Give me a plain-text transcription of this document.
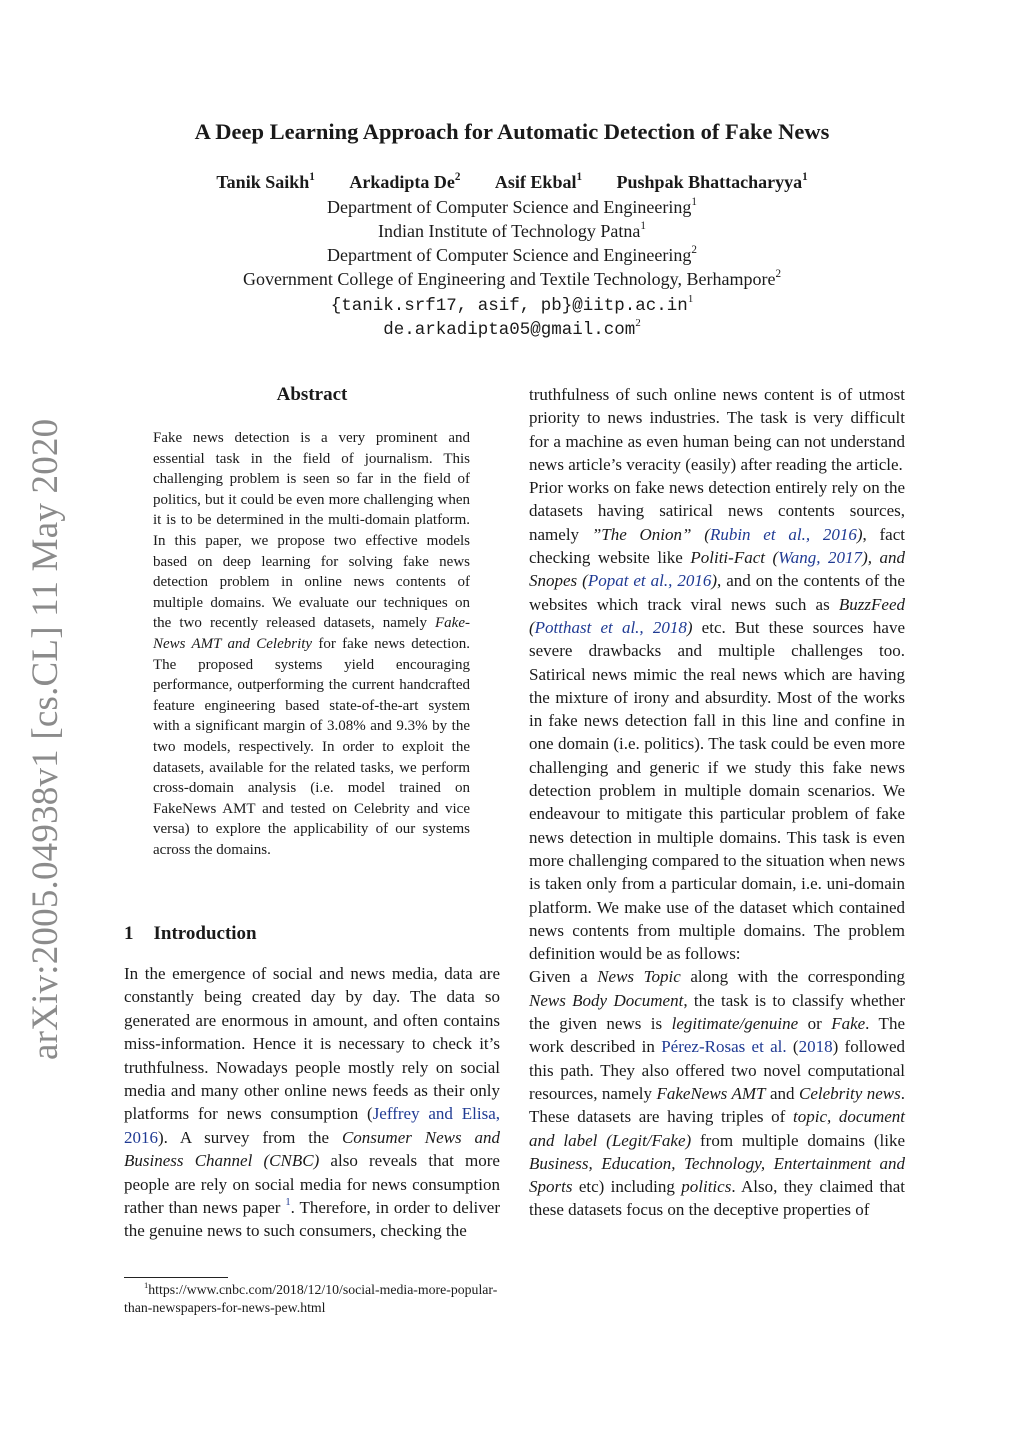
A Deep Learning Approach for Automatic Detection of Fake News
Tanik Saikh$^1$ Arkadipta De$^2$ Asif Ekbal$^1$ Pushpak Bhattacharyya$^1$
Department of Computer Science and Engineering$^1$
Indian Institute of Technology Patna$^1$
Department of Computer Science and Engineering$^2$
Government College of Engineering and Textile Technology, Berhampore$^2$
{tanik.srf17, asif, $pb\}@iitp.ac.in^1$
de.arkadipta05@gmail.com$^2$
arXiv:2005.04938v1 [cs.CL] 11 May 2020
Abstract
Fake news detection is a very prominent and essential task in the field of journalism. This challenging problem is seen so far in the field of politics, but it could be even more challenging when it is to be determined in the multi-domain platform. In this paper, we propose two effective models based on deep learning for solving fake news detection problem in online news contents of multiple domains. We evaluate our techniques on the two recently released datasets, namely Fake-News AMT and Celebrity for fake news detection. The proposed systems yield encouraging performance, outperforming the current handcrafted feature engineering based state-of-the-art system with a significant margin of 3.08% and 9.3% by the two models, respectively. In order to exploit the datasets, available for the related tasks, we perform cross-domain analysis (i.e. model trained on FakeNews AMT and tested on Celebrity and vice versa) to explore the applicability of our systems across the domains.
1 Introduction
In the emergence of social and news media, data are constantly being created day by day. The data so generated are enormous in amount, and often contains miss-information. Hence it is necessary to check it’s truthfulness. Nowadays people mostly rely on social media and many other online news feeds as their only platforms for news consumption (Jeffrey and Elisa, 2016). A survey from the Consumer News and Business Channel (CNBC) also reveals that more people are rely on social media for news consumption rather than news paper $^1$. Therefore, in order to deliver the genuine news to such consumers, checking the
$^1$https://www.cnbc.com/2018/12/10/social-media-more-popular-than-newspapers-for-news-pew.html

truthfulness of such online news content is of utmost priority to news industries. The task is very difficult for a machine as even human being can not understand news article’s veracity (easily) after reading the article.

Prior works on fake news detection entirely rely on the datasets having satirical news contents sources, namely ”The Onion” (Rubin et al., 2016), fact checking website like Politi-Fact (Wang, 2017), and Snopes (Popat et al., 2016), and on the contents of the websites which track viral news such as BuzzFeed (Potthast et al., 2018) etc. But these sources have severe drawbacks and multiple challenges too. Satirical news mimic the real news which are having the mixture of irony and absurdity. Most of the works in fake news detection fall in this line and confine in one domain (i.e. politics). The task could be even more challenging and generic if we study this fake news detection problem in multiple domain scenarios. We endeavour to mitigate this particular problem of fake news detection in multiple domains. This task is even more challenging compared to the situation when news is taken only from a particular domain, i.e. uni-domain platform. We make use of the dataset which contained news contents from multiple domains. The problem definition would be as follows:

Given a News Topic along with the corresponding News Body Document, the task is to classify whether the given news is legitimate/genuine or Fake. The work described in Pérez-Rosas et al. (2018) followed this path. They also offered two novel computational resources, namely FakeNews AMT and Celebrity news. These datasets are having triples of topic, document and label (Legit/Fake) from multiple domains (like Business, Education, Technology, Entertainment and Sports etc) including politics. Also, they claimed that these datasets focus on the deceptive properties of
